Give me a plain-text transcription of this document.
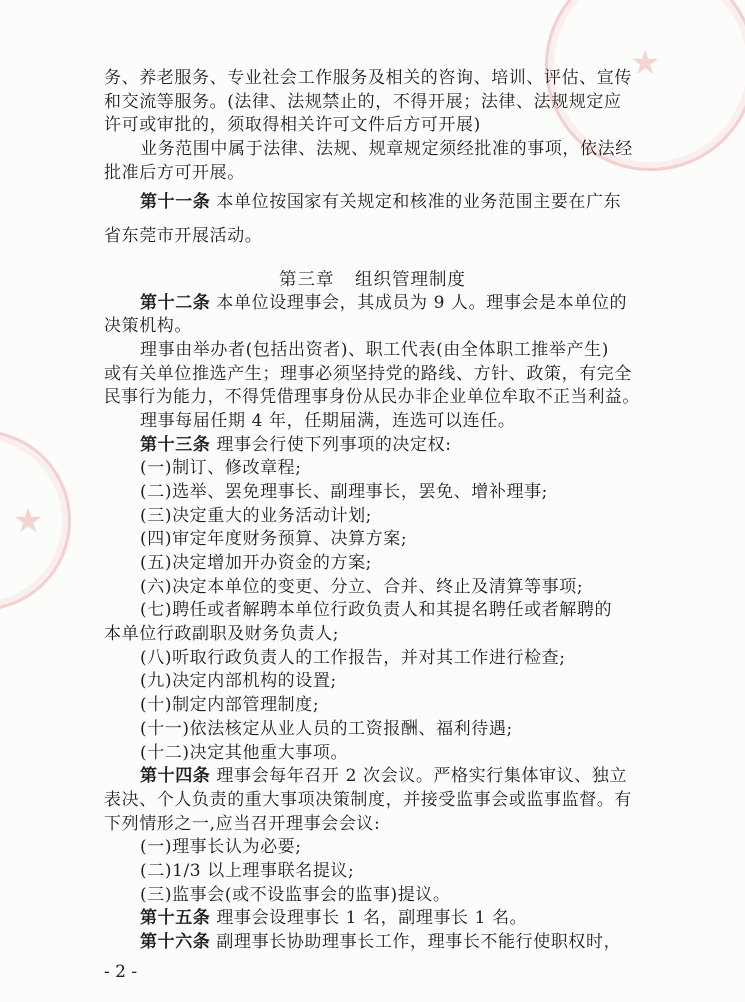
★
★
务、养老服务、专业社会工作服务及相关的咨询、培训、评估、宣传
和交流等服务。(法律、法规禁止的，不得开展；法律、法规规定应
许可或审批的，须取得相关许可文件后方可开展)
业务范围中属于法律、法规、规章规定须经批准的事项，依法经
批准后方可开展。
第十一条 本单位按国家有关规定和核准的业务范围主要在广东
省东莞市开展活动。
第三章 组织管理制度
第十二条 本单位设理事会，其成员为 9 人。理事会是本单位的
决策机构。
理事由举办者(包括出资者)、职工代表(由全体职工推举产生)
或有关单位推选产生；理事必须坚持党的路线、方针、政策，有完全
民事行为能力，不得凭借理事身份从民办非企业单位牟取不正当利益。
理事每届任期 4 年，任期届满，连选可以连任。
第十三条 理事会行使下列事项的决定权:
(一)制订、修改章程;
(二)选举、罢免理事长、副理事长，罢免、增补理事;
(三)决定重大的业务活动计划;
(四)审定年度财务预算、决算方案;
(五)决定增加开办资金的方案;
(六)决定本单位的变更、分立、合并、终止及清算等事项;
(七)聘任或者解聘本单位行政负责人和其提名聘任或者解聘的
本单位行政副职及财务负责人;
(八)听取行政负责人的工作报告，并对其工作进行检查;
(九)决定内部机构的设置;
(十)制定内部管理制度;
(十一)依法核定从业人员的工资报酬、福利待遇;
(十二)决定其他重大事项。
第十四条 理事会每年召开 2 次会议。严格实行集体审议、独立
表决、个人负责的重大事项决策制度，并接受监事会或监事监督。有
下列情形之一,应当召开理事会会议:
(一)理事长认为必要;
(二)1/3 以上理事联名提议;
(三)监事会(或不设监事会的监事)提议。
第十五条 理事会设理事长 1 名，副理事长 1 名。
第十六条 副理事长协助理事长工作，理事长不能行使职权时，
- 2 -
